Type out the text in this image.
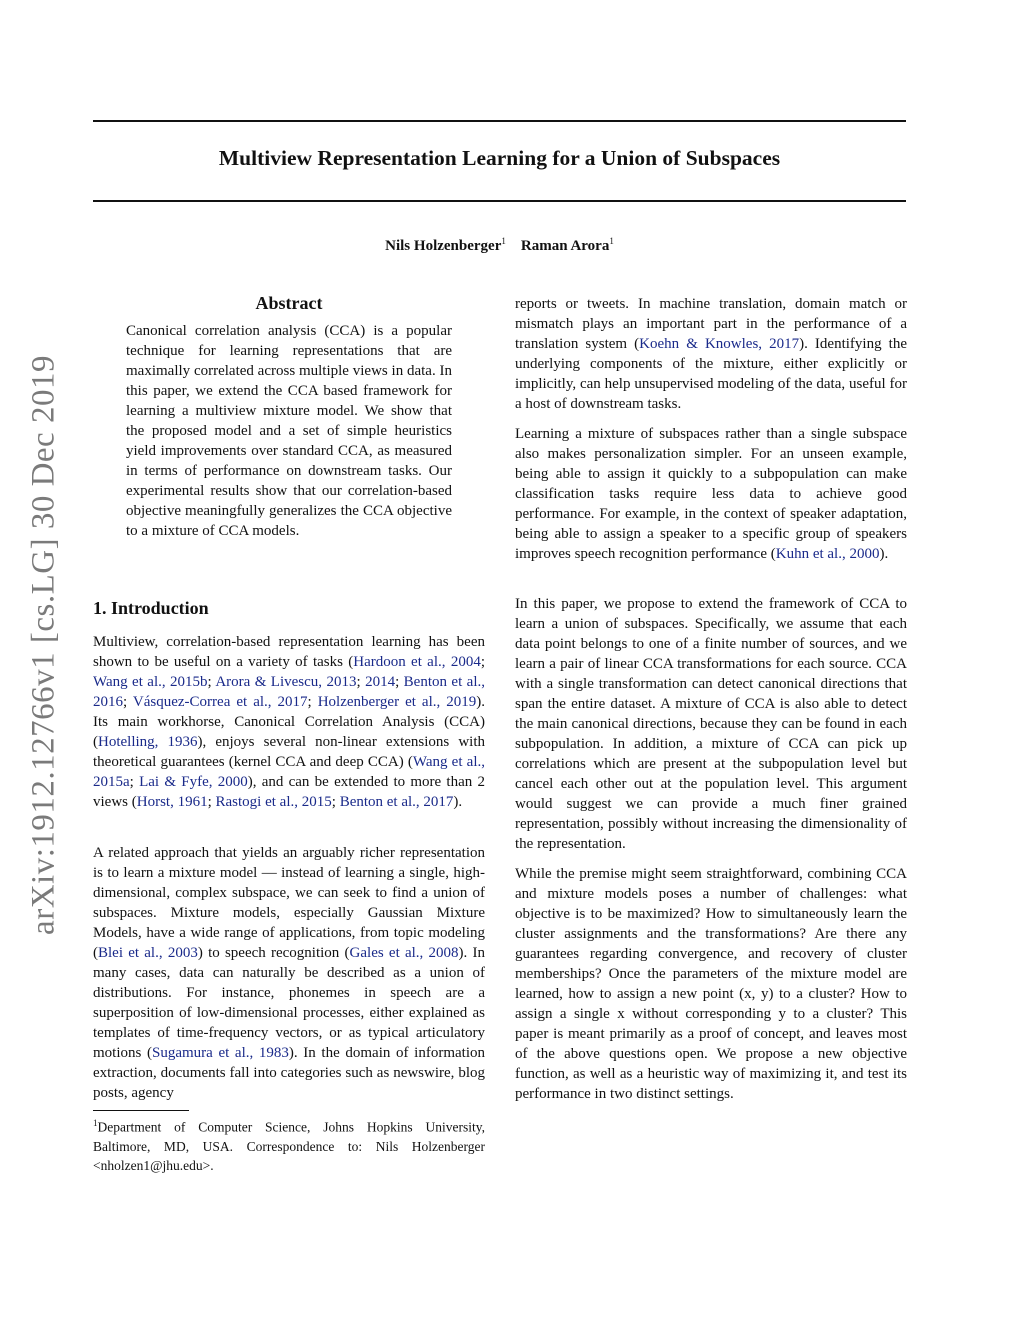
Multiview Representation Learning for a Union of Subspaces
Nils Holzenberger$^1$ Raman Arora$^1$
arXiv:1912.12766v1 [cs.LG] 30 Dec 2019
Abstract
Canonical correlation analysis (CCA) is a popular technique for learning representations that are maximally correlated across multiple views in data. In this paper, we extend the CCA based framework for learning a multiview mixture model. We show that the proposed model and a set of simple heuristics yield improvements over standard CCA, as measured in terms of performance on downstream tasks. Our experimental results show that our correlation-based objective meaningfully generalizes the CCA objective to a mixture of CCA models.
1. Introduction
Multiview, correlation-based representation learning has been shown to be useful on a variety of tasks (Hardoon et al., 2004; Wang et al., 2015b; Arora & Livescu, 2013; 2014; Benton et al., 2016; Vásquez-Correa et al., 2017; Holzenberger et al., 2019). Its main workhorse, Canonical Correlation Analysis (CCA) (Hotelling, 1936), enjoys several non-linear extensions with theoretical guarantees (kernel CCA and deep CCA) (Wang et al., 2015a; Lai & Fyfe, 2000), and can be extended to more than 2 views (Horst, 1961; Rastogi et al., 2015; Benton et al., 2017).
A related approach that yields an arguably richer representation is to learn a mixture model — instead of learning a single, high-dimensional, complex subspace, we can seek to find a union of subspaces. Mixture models, especially Gaussian Mixture Models, have a wide range of applications, from topic modeling (Blei et al., 2003) to speech recognition (Gales et al., 2008). In many cases, data can naturally be described as a union of distributions. For instance, phonemes in speech are a superposition of low-dimensional processes, either explained as templates of time-frequency vectors, or as typical articulatory motions (Sugamura et al., 1983). In the domain of information extraction, documents fall into categories such as newswire, blog posts, agency
$^1$Department of Computer Science, Johns Hopkins University, Baltimore, MD, USA. Correspondence to: Nils Holzenberger <nholzen1@jhu.edu>.
reports or tweets. In machine translation, domain match or mismatch plays an important part in the performance of a translation system (Koehn & Knowles, 2017). Identifying the underlying components of the mixture, either explicitly or implicitly, can help unsupervised modeling of the data, useful for a host of downstream tasks.
Learning a mixture of subspaces rather than a single subspace also makes personalization simpler. For an unseen example, being able to assign it quickly to a subpopulation can make classification tasks require less data to achieve good performance. For example, in the context of speaker adaptation, being able to assign a speaker to a specific group of speakers improves speech recognition performance (Kuhn et al., 2000).
In this paper, we propose to extend the framework of CCA to learn a union of subspaces. Specifically, we assume that each data point belongs to one of a finite number of sources, and we learn a pair of linear CCA transformations for each source. CCA with a single transformation can detect canonical directions that span the entire dataset. A mixture of CCA is also able to detect the main canonical directions, because they can be found in each subpopulation. In addition, a mixture of CCA can pick up correlations which are present at the subpopulation level but cancel each other out at the population level. This argument would suggest we can provide a much finer grained representation, possibly without increasing the dimensionality of the representation.
While the premise might seem straightforward, combining CCA and mixture models poses a number of challenges: what objective is to be maximized? How to simultaneously learn the cluster assignments and the transformations? Are there any guarantees regarding convergence, and recovery of cluster memberships? Once the parameters of the mixture model are learned, how to assign a new point (x, y) to a cluster? How to assign a single x without corresponding y to a cluster? This paper is meant primarily as a proof of concept, and leaves most of the above questions open. We propose a new objective function, as well as a heuristic way of maximizing it, and test its performance in two distinct settings.
